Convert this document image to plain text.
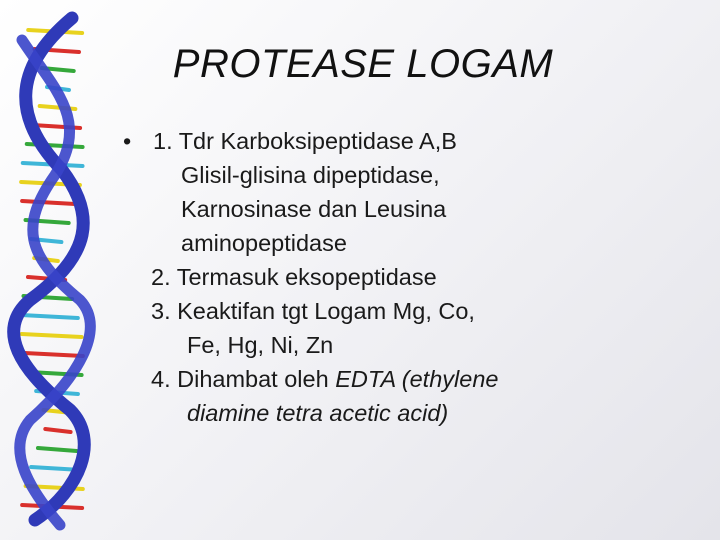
PROTEASE LOGAM
• 1. Tdr Karboksipeptidase A,B
Glisil-glisina dipeptidase,
Karnosinase dan Leusina
aminopeptidase
2. Termasuk eksopeptidase
3. Keaktifan tgt Logam Mg, Co,
Fe, Hg, Ni, Zn
4. Dihambat oleh EDTA (ethylene
diamine tetra acetic acid)
